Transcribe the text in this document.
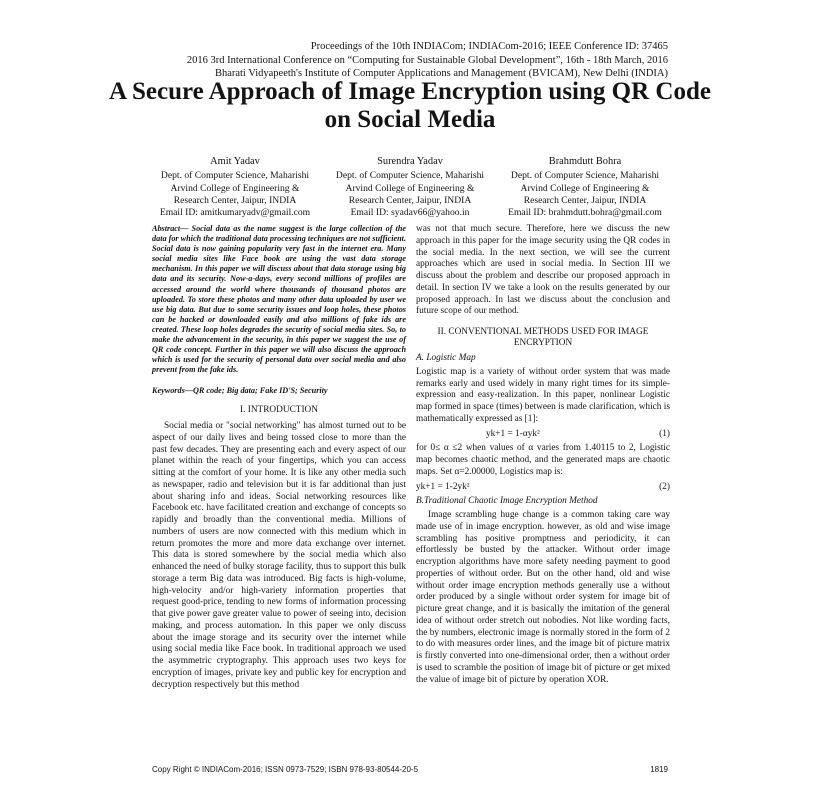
Proceedings of the 10th INDIACom; INDIACom-2016; IEEE Conference ID: 37465
2016 3rd International Conference on “Computing for Sustainable Global Development”, 16th - 18th March, 2016
Bharati Vidyapeeth's Institute of Computer Applications and Management (BVICAM), New Delhi (INDIA)
A Secure Approach of Image Encryption using QR Code on Social Media
Amit Yadav
Dept. of Computer Science, Maharishi
Arvind College of Engineering &
Research Center, Jaipur, INDIA
Email ID: amitkumaryadv@gmail.com
Surendra Yadav
Dept. of Computer Science, Maharishi
Arvind College of Engineering &
Research Center, Jaipur, INDIA
Email ID: syadav66@yahoo.in
Brahmdutt Bohra
Dept. of Computer Science, Maharishi
Arvind College of Engineering &
Research Center, Jaipur, INDIA
Email ID: brahmdutt.bohra@gmail.com

Abstract— Social data as the name suggest is the large collection of the data for which the traditional data processing techniques are not sufficient. Social data is now gaining popularity very fast in the internet era. Many social media sites like Face book are using the vast data storage mechanism. In this paper we will discuss about that data storage using big data and its security. Now-a-days, every second millions of profiles are accessed around the world where thousands of thousand photos are uploaded. To store these photos and many other data uploaded by user we use big data. But due to some security issues and loop holes, these photos can be hacked or downloaded easily and also millions of fake ids are created. These loop holes degrades the security of social media sites. So, to make the advancement in the security, in this paper we suggest the use of QR code concept. Further in this paper we will also discuss the approach which is used for the security of personal data over social media and also prevent from the fake ids.

Keywords—QR code; Big data; Fake ID'S; Security

I. INTRODUCTION

Social media or "social networking" has almost turned out to be aspect of our daily lives and being tossed close to more than the past few decades. They are presenting each and every aspect of our planet within the reach of your fingertips, which you can access sitting at the comfort of your home. It is like any other media such as newspaper, radio and television but it is far additional than just about sharing info and ideas. Social networking resources like Facebook etc. have facilitated creation and exchange of concepts so rapidly and broadly than the conventional media. Millions of numbers of users are now connected with this medium which in return promotes the more and more data exchange over internet. This data is stored somewhere by the social media which also enhanced the need of bulky storage facility, thus to support this bulk storage a term Big data was introduced. Big facts is high-volume, high-velocity and/or high-variety information properties that request good-price, tending to new forms of information processing that give power gave greater value to power of seeing into, decision making, and process automation. In this paper we only discuss about the image storage and its security over the internet while using social media like Face book. In traditional approach we used the asymmetric cryptography. This approach uses two keys for encryption of images, private key and public key for encryption and decryption respectively but this method

was not that much secure. Therefore, here we discuss the new approach in this paper for the image security using the QR codes in the social media. In the next section, we will see the current approaches which are used in social media. In Section III we discuss about the problem and describe our proposed approach in detail. In section IV we take a look on the results generated by our proposed approach. In last we discuss about the conclusion and future scope of our method.

II. CONVENTIONAL METHODS USED FOR IMAGE ENCRYPTION
A. Logistic Map

Logistic map is a variety of without order system that was made remarks early and used widely in many right times for its simple-expression and easy-realization. In this paper, nonlinear Logistic map formed in space (times) between is made clarification, which is mathematically expressed as [1]:

yk+1 = 1-αyk²	(1)

for 0≤ α ≤2 when values of α varies from 1.40115 to 2, Logistic map becomes chaotic method, and the generated maps are chaotic maps. Set α=2.00000, Logistics map is:

yk+1 = 1-2yk²	(2)
B.Traditional Chaotic Image Encryption Method

Image scrambling huge change is a common taking care way made use of in image encryption. however, as old and wise image scrambling has positive promptness and periodicity, it can effortlessly be busted by the attacker. Without order image encryption algorithms have more safety needing payment to good properties of without order. But on the other hand, old and wise without order image encryption methods generally use a without order produced by a single without order system for image bit of picture great change, and it is basically the imitation of the general idea of without order stretch out nobodies. Not like wording facts, the by numbers, electronic image is normally stored in the form of 2 to do with measures order lines, and the image bit of picture matrix is firstly converted into one-dimensional order, then a without order is used to scramble the position of image bit of picture or get mixed the value of image bit of picture by operation XOR.

Copy Right © INDIACom-2016; ISSN 0973-7529; ISBN 978-93-80544-20-5	1819
